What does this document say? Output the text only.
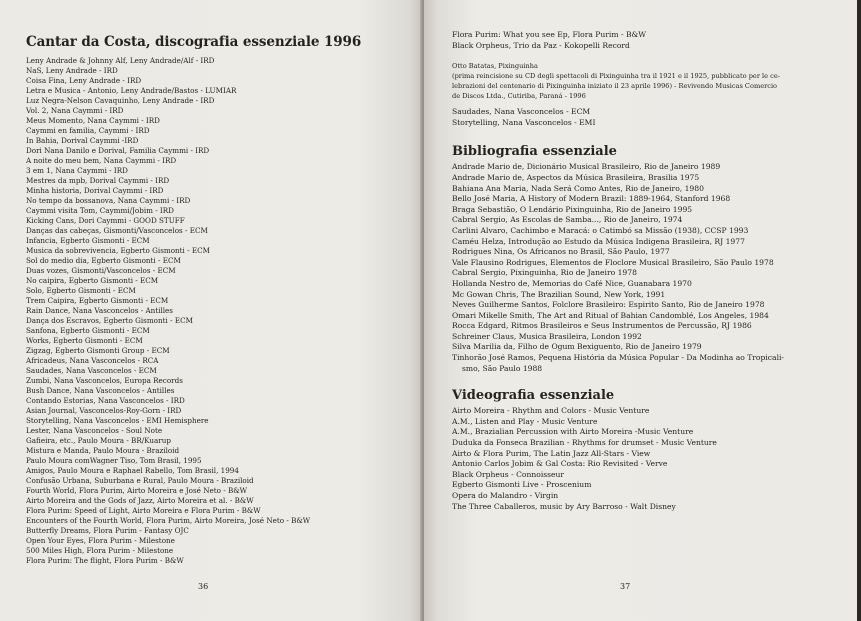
Cantar da Costa, discografia essenziale 1996
Leny Andrade & Johnny Alf, Leny Andrade/Alf - IRD
NaS, Leny Andrade - IRD
Coisa Fina, Leny Andrade - IRD
Letra e Musica - Antonio, Leny Andrade/Bastos - LUMIAR
Luz Negra-Nelson Cavaquinho, Leny Andrade - IRD
Vol. 2, Nana Caymmi - IRD
Meus Momento, Nana Caymmi - IRD
Caymmi en familia, Caymmi - IRD
In Bahia, Dorival Caymmi -IRD
Dori Nana Danilo e Dorival, Familia Caymmi - IRD
A noite do meu bem, Nana Caymmi - IRD
3 em 1, Nana Caymmi - IRD
Mestres da mpb, Dorival Caymmi - IRD
Minha historia, Dorival Caymmi - IRD
No tempo da bossanova, Nana Caymmi - IRD
Caymmi visita Tom, Caymmi/Jobim - IRD
Kicking Cans, Dori Caymmi - GOOD STUFF
Danças das cabeças, Gismonti/Vasconcelos - ECM
Infancia, Egberto Gismonti - ECM
Musica da sobrevivencia, Egberto Gismonti - ECM
Sol do medio dia, Egberto Gismonti - ECM
Duas vozes, Gismonti/Vasconcelos - ECM
No caipira, Egberto Gismonti - ECM
Solo, Egberto Gismonti - ECM
Trem Caipira, Egberto Gismonti - ECM
Rain Dance, Nana Vasconcelos - Antilles
Dança dos Escravos, Egberto Gismonti - ECM
Sanfona, Egberto Gismonti - ECM
Works, Egberto Gismonti - ECM
Zigzag, Egberto Gismonti Group - ECM
Africadeus, Nana Vasconcelos - RCA
Saudades, Nana Vasconcelos - ECM
Zumbi, Nana Vasconcelos, Europa Records
Bush Dance, Nana Vasconcelos - Antilles
Contando Estorias, Nana Vasconcelos - IRD
Asian Journal, Vasconcelos-Roy-Gorn - IRD
Storytelling, Nana Vasconcelos - EMI Hemisphere
Lester, Nana Vasconcelos - Soul Note
Gafieira, etc., Paulo Moura - BR/Kuarup
Mistura e Manda, Paulo Moura - Braziloid
Paulo Moura comWagner Tiso, Tom Brasil, 1995
Amigos, Paulo Moura e Raphael Rabello, Tom Brasil, 1994
Confusão Urbana, Suburbana e Rural, Paulo Moura - Braziloid
Fourth World, Flora Purim, Airto Moreira e José Neto - B&W
Airto Moreira and the Gods of Jazz, Airto Moreira et al. - B&W
Flora Purim: Speed of Light, Airto Moreira e Flora Purim - B&W
Encounters of the Fourth World, Flora Purim, Airto Moreira, José Neto - B&W
Butterfly Dreams, Flora Purim - Fantasy OJC
Open Your Eyes, Flora Purim - Milestone
500 Miles High, Flora Purim - Milestone
Flora Purim: The flight, Flora Purim - B&W
36
Flora Purim: What you see Ep, Flora Purim - B&W
Black Orpheus, Trio da Paz - Kokopelli Record
Otto Batatas, Pixinguinha
(prima reincisione su CD degli spettacoli di Pixinguinha tra il 1921 e il 1925, pubblicato per le ce-
lebrazioni del centenario di Pixinguinha iniziato il 23 aprile 1996) - Revivendo Musicas Comercio
de Discos Ltda., Cutiriba, Paraná - 1996
Saudades, Nana Vasconcelos - ECM
Storytelling, Nana Vasconcelos - EMI
Bibliografia essenziale
Andrade Mario de, Dicionário Musical Brasileiro, Rio de Janeiro 1989
Andrade Mario de, Aspectos da Música Brasileira, Brasilia 1975
Bahiana Ana Maria, Nada Será Como Antes, Rio de Janeiro, 1980
Bello José Maria, A History of Modern Brazil: 1889-1964, Stanford 1968
Braga Sebastião, O Lendário Pixinguinha, Rio de Janeiro 1995
Cabral Sergio, As Escolas de Samba..., Rio de Janeiro, 1974
Carlini Alvaro, Cachimbo e Maracá: o Catimbó sa Missão (1938), CCSP 1993
Caméu Helza, Introdução ao Estudo da Música Indigena Brasileira, RJ 1977
Rodrigues Nina, Os Africanos no Brasil, São Paulo, 1977
Vale Flausino Rodrigues, Elementos de Floclore Musical Brasileiro, São Paulo 1978
Cabral Sergio, Pixinguinha, Rio de Janeiro 1978
Hollanda Nestro de, Memorias do Café Nice, Guanabara 1970
Mc Gowan Chris, The Brazilian Sound, New York, 1991
Neves Guilherme Santos, Folclore Brasileiro: Espirito Santo, Rio de Janeiro 1978
Omari Mikelle Smith, The Art and Ritual of Bahian Candomblé, Los Angeles, 1984
Rocca Edgard, Ritmos Brasileiros e Seus Instrumentos de Percussão, RJ 1986
Schreiner Claus, Musica Brasileira, London 1992
Silva Marilia da, Filho de Ogum Bexiguento, Rio de Janeiro 1979
Tinhorão José Ramos, Pequena História da Música Popular - Da Modinha ao Tropicali-
smo, São Paulo 1988
Videografia essenziale
Airto Moreira - Rhythm and Colors - Music Venture
A.M., Listen and Play - Music Venture
A.M., Brazialian Percussion with Airto Moreira -Music Venture
Duduka da Fonseca Brazilian - Rhythms for drumset - Music Venture
Airto & Flora Purim, The Latin Jazz All-Stars - View
Antonio Carlos Jobim & Gal Costa: Rio Revisited - Verve
Black Orpheus - Connoisseur
Egberto Gismonti Live - Proscenium
Opera do Malandro - Virgin
The Three Caballeros, music by Ary Barroso - Walt Disney
37
